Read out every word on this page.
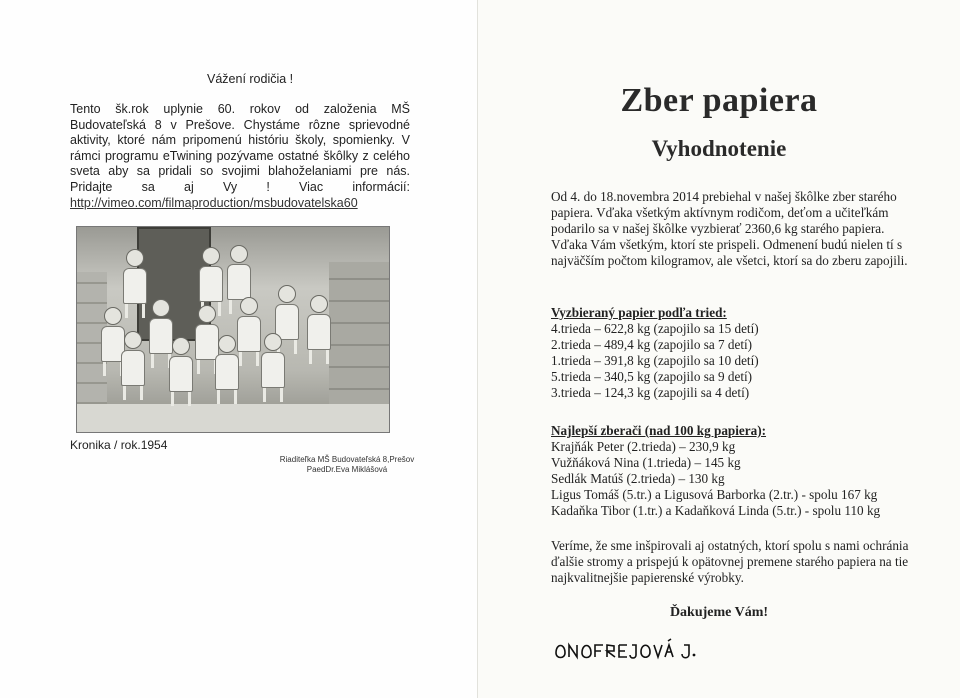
Vážení rodičia !
Tento šk.rok uplynie 60. rokov od založenia MŠ Budovateľská 8 v Prešove. Chystáme rôzne sprievodné aktivity, ktoré nám pripomenú históriu školy, spomienky. V rámci programu eTwining pozývame ostatné škôlky z celého sveta aby sa pridali so svojimi blahoželaniami pre nás. Pridajte sa aj Vy ! Viac informácií: http://vimeo.com/filmaproduction/msbudovatelska60
Kronika / rok.1954
Riaditeľka MŠ Budovateľská 8,Prešov
PaedDr.Eva Miklášová
Zber papiera
Vyhodnotenie
Od 4. do 18.novembra 2014 prebiehal v našej škôlke zber starého papiera. Vďaka všetkým aktívnym rodičom, deťom a učiteľkám podarilo sa v našej škôlke vyzbierať 2360,6 kg starého papiera. Vďaka Vám všetkým, ktorí ste prispeli. Odmenení budú nielen tí s najväčším počtom kilogramov, ale všetci, ktorí sa do zberu zapojili.
Vyzbieraný papier podľa tried:
4.trieda – 622,8 kg (zapojilo sa 15 detí)
2.trieda – 489,4 kg (zapojilo sa 7 detí)
1.trieda – 391,8 kg (zapojilo sa 10 detí)
5.trieda – 340,5 kg (zapojilo sa 9 detí)
3.trieda – 124,3 kg (zapojili sa 4 detí)
Najlepší zberači (nad 100 kg papiera):
Krajňák Peter (2.trieda) – 230,9 kg
Vužňáková Nina (1.trieda) – 145 kg
Sedlák Matúš (2.trieda) – 130 kg
Ligus Tomáš (5.tr.) a Ligusová Barborka (2.tr.) - spolu 167 kg
Kadaňka Tibor (1.tr.) a Kadaňková Linda (5.tr.) - spolu 110 kg
Veríme, že sme inšpirovali aj ostatných, ktorí spolu s nami ochránia ďalšie stromy a prispejú k opätovnej premene starého papiera na tie najkvalitnejšie papierenské výrobky.
Ďakujeme Vám!
